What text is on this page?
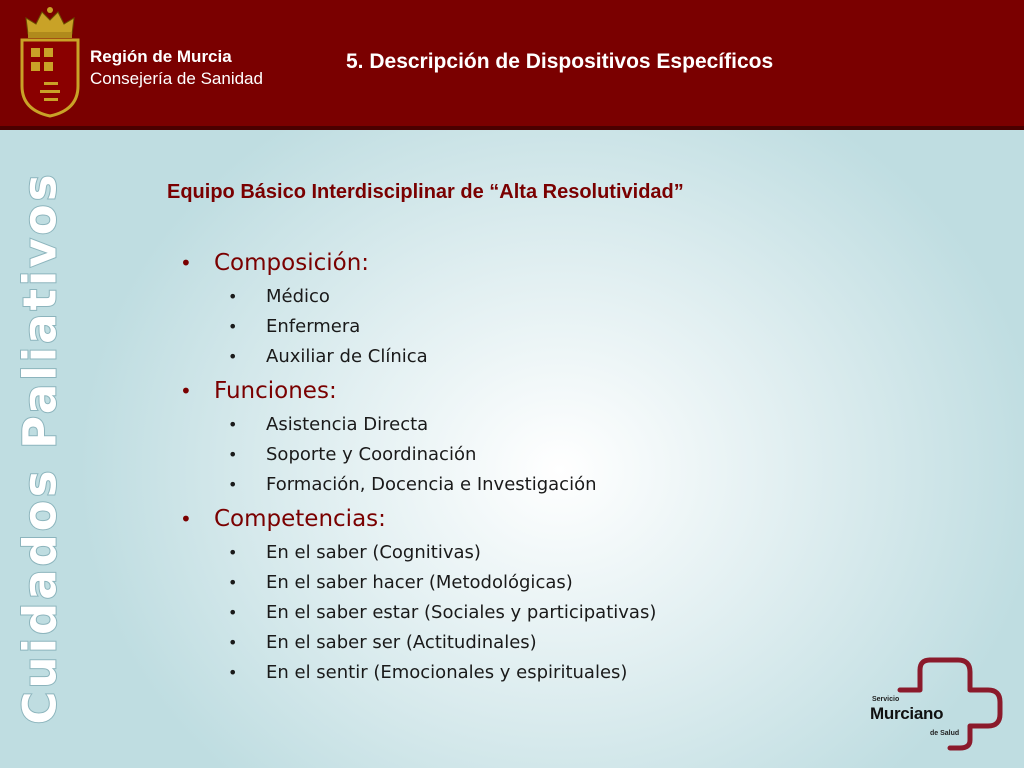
Región de Murcia
Consejería de Sanidad
5. Descripción de Dispositivos Específicos
Cuidados Paliativos	Equipo Básico Interdisciplinar de “Alta Resolutividad”
• Composición:
• Médico
• Enfermera
• Auxiliar de Clínica
• Funciones:
• Asistencia Directa
• Soporte y Coordinación
• Formación, Docencia e Investigación
• Competencias:
• En el saber (Cognitivas)
• En el saber hacer (Metodológicas)
• En el saber estar (Sociales y participativas)
• En el saber ser (Actitudinales)
• En el sentir (Emocionales y espirituales)
Servicio
Murciano
de Salud
